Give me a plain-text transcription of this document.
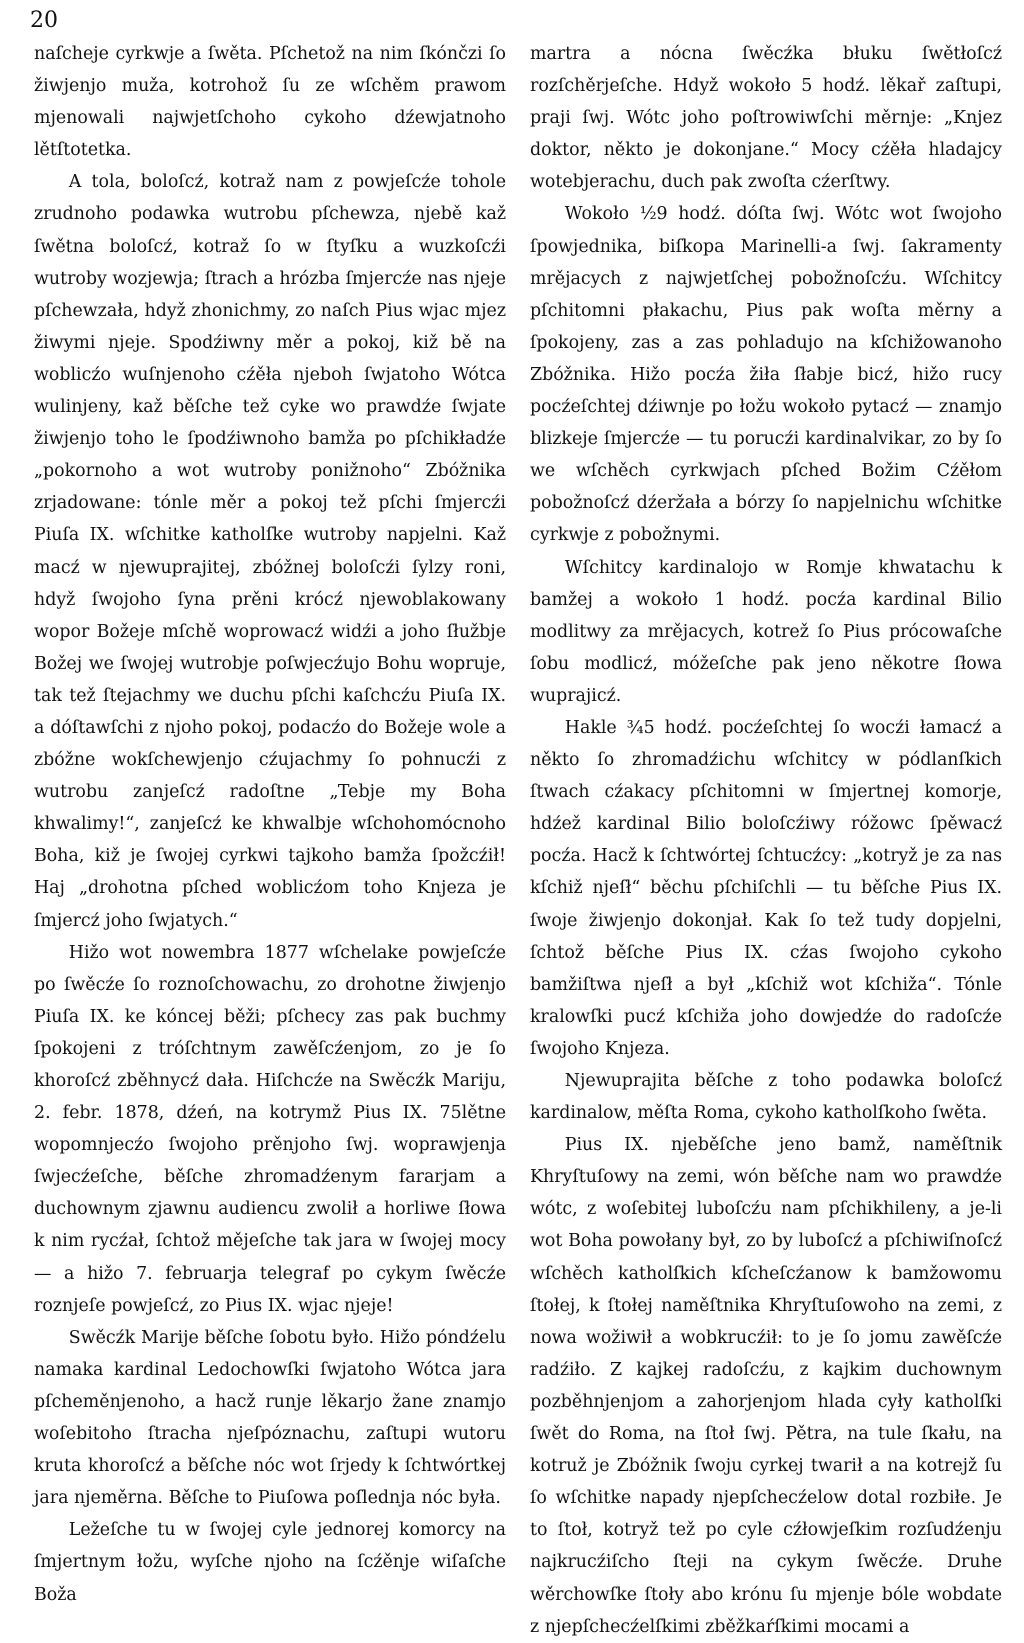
20

naſcheje cyrkwje a ſwěta. Pſchetož na nim ſkónčzi ſo žiwjenjo muža, kotrohož ſu ze wſchěm prawom mjenowali najwjetſchoho cykoho dźewjatnoho lětſtotetka.

A tola, boloſcź, kotraž nam z powjeſcźe tohole zrudnoho podawka wutrobu pſchewza, njebě kaž ſwětna boloſcź, kotraž ſo w ſtyſku a wuzkoſcźi wutroby wozjewja; ſtrach a hrózba ſmjercźe nas njeje pſchewzała, hdyž zhonichmy, zo naſch Pius wjac mjez žiwymi njeje. Spodźiwny měr a pokoj, kiž bě na woblicźo wuſnjenoho cźěła njeboh ſwjatoho Wótca wulinjeny, kaž běſche tež cyke wo prawdźe ſwjate žiwjenjo toho le ſpodźiwnoho bamža po pſchikładźe „pokornoho a wot wutroby ponižnoho“ Zbóžnika zrjadowane: tónle měr a pokoj tež pſchi ſmjercźi Piuſa IX. wſchitke katholſke wutroby napjelni. Kaž macź w njewuprajitej, zbóžnej boloſcźi ſylzy roni, hdyž ſwojoho ſyna prěni krócź njewoblakowany wopor Božeje mſchě woprowacź widźi a joho ſłužbje Božej we ſwojej wutrobje poſwjecźujo Bohu wopruje, tak tež ſtejachmy we duchu pſchi kaſchcźu Piuſa IX. a dóſtawſchi z njoho pokoj, podacźo do Božeje wole a zbóžne wokſchewjenjo cźujachmy ſo pohnucźi z wutrobu zanjeſcź radoſtne „Tebje my Boha khwalimy!“, zanjeſcź ke khwalbje wſchohomócnoho Boha, kiž je ſwojej cyrkwi tajkoho bamža ſpožcźił! Haj „drohotna pſched woblicźom toho Knjeza je ſmjercź joho ſwjatych.“

Hižo wot nowembra 1877 wſchelake powjeſcźe po ſwěcźe ſo roznoſchowachu, zo drohotne žiwjenjo Piuſa IX. ke kóncej běži; pſchecy zas pak buchmy ſpokojeni z tróſchtnym zawěſcźenjom, zo je ſo khoroſcź zběhnycź dała. Hiſchcźe na Swěcźk Mariju, 2. febr. 1878, dźeń, na kotrymž Pius IX. 75lětne wopomnjecźo ſwojoho prěnjoho ſwj. woprawjenja ſwjecźeſche, běſche zhromadźenym fararjam a duchownym zjawnu audiencu zwolił a horliwe ſłowa k nim rycźał, ſchtož mějeſche tak jara w ſwojej mocy — a hižo 7. februarja telegraf po cykym ſwěcźe roznjeſe powjeſcź, zo Pius IX. wjac njeje!

Swěcźk Marije běſche ſobotu było. Hižo póndźelu namaka kardinal Ledochowſki ſwjatoho Wótca jara pſcheměnjenoho, a hacž runje lěkarjo žane znamjo woſebitoho ſtracha njeſpóznachu, zaſtupi wutoru kruta khoroſcź a běſche nóc wot ſrjedy k ſchtwórtkej jara njeměrna. Běſche to Piuſowa poſlednja nóc była.

Ležeſche tu w ſwojej cyle jednorej komorcy na ſmjertnym łožu, wyſche njoho na ſcźěnje wiſaſche Boža

martra a nócna ſwěcźka błuku ſwětłoſcź rozſchěrjeſche. Hdyž wokoło 5 hodź. lěkař zaſtupi, praji ſwj. Wótc joho poſtrowiwſchi měrnje: „Knjez doktor, někto je dokonjane.“ Mocy cźěła hladajcy wotebjerachu, duch pak zwoſta cźerſtwy.

Wokoło ½9 hodź. dóſta ſwj. Wótc wot ſwojoho ſpowjednika, biſkopa Marinelli-a ſwj. ſakramenty mrějacych z najwjetſchej pobožnoſcźu. Wſchitcy pſchitomni płakachu, Pius pak woſta měrny a ſpokojeny, zas a zas pohladujo na kſchižowanoho Zbóžnika. Hižo pocźa žiła ſłabje bicź, hižo rucy pocźeſchtej dźiwnje po łožu wokoło pytacź — znamjo blizkeje ſmjercźe — tu porucźi kardinalvikar, zo by ſo we wſchěch cyrkwjach pſched Božim Cźěłom pobožnoſcź dźeržała a bórzy ſo napjelnichu wſchitke cyrkwje z pobožnymi.

Wſchitcy kardinalojo w Romje khwatachu k bamžej a wokoło 1 hodź. pocźa kardinal Bilio modlitwy za mrějacych, kotrež ſo Pius prócowaſche ſobu modlicź, móžeſche pak jeno někotre ſłowa wuprajicź.

Hakle ¾5 hodź. pocźeſchtej ſo wocźi łamacź a někto ſo zhromadźichu wſchitcy w pódlanſkich ſtwach cźakacy pſchitomni w ſmjertnej komorje, hdźež kardinal Bilio boloſcźiwy róžowc ſpěwacź pocźa. Hacž k ſchtwórtej ſchtucźcy: „kotryž je za nas kſchiž njeſł“ běchu pſchiſchli — tu běſche Pius IX. ſwoje žiwjenjo dokonjał. Kak ſo tež tudy dopjelni, ſchtož běſche Pius IX. cźas ſwojoho cykoho bamžiſtwa njeſł a był „kſchiž wot kſchiža“. Tónle kralowſki pucź kſchiža joho dowjedźe do radoſcźe ſwojoho Knjeza.

Njewuprajita běſche z toho podawka boloſcź kardinalow, měſta Roma, cykoho katholſkoho ſwěta.

Pius IX. njeběſche jeno bamž, naměſtnik Khryſtuſowy na zemi, wón běſche nam wo prawdźe wótc, z woſebitej luboſcźu nam pſchikhileny, a je-li wot Boha powołany był, zo by luboſcź a pſchiwiſnoſcź wſchěch katholſkich kſcheſcźanow k bamžowomu ſtołej, k ſtołej naměſtnika Khryſtuſowoho na zemi, z nowa wožiwił a wobkrucźił: to je ſo jomu zawěſcźe radźiło. Z kajkej radoſcźu, z kajkim duchownym pozběhnjenjom a zahorjenjom hlada cyły katholſki ſwět do Roma, na ſtoł ſwj. Pětra, na tule ſkału, na kotruž je Zbóžnik ſwoju cyrkej twarił a na kotrejž ſu ſo wſchitke napady njepſchecźelow dotal rozbiłe. Je to ſtoł, kotryž tež po cyle cźłowjeſkim rozſudźenju najkrucźiſcho ſteji na cykym ſwěcźe. Druhe wěrchowſke ſtoły abo krónu ſu mjenje bóle wobdate z njepſchecźelſkimi zběžkaŕſkimi mocami a
